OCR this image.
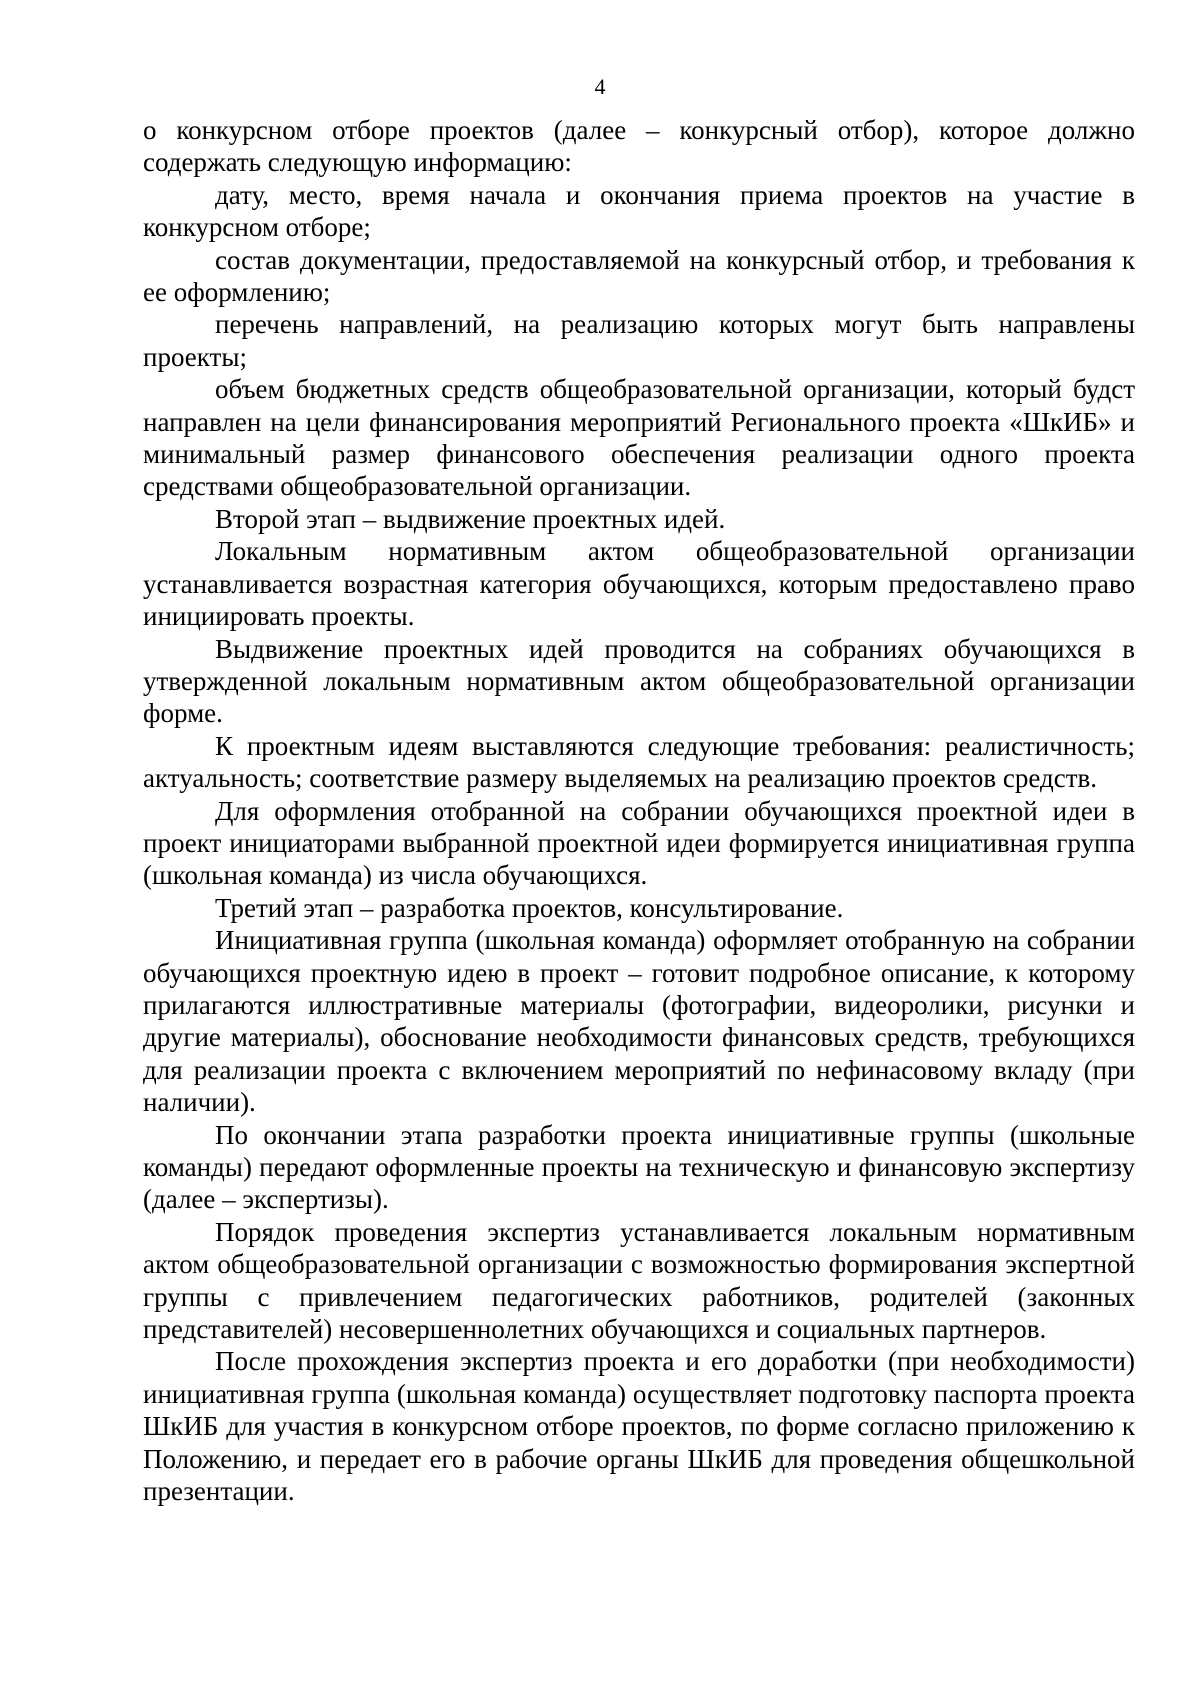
4

о конкурсном отборе проектов (далее – конкурсный отбор), которое должно содержать следующую информацию:

дату, место, время начала и окончания приема проектов на участие в конкурсном отборе;

состав документации, предоставляемой на конкурсный отбор, и требования к ее оформлению;

перечень направлений, на реализацию которых могут быть направлены проекты;

объем бюджетных средств общеобразовательной организации, который будст направлен на цели финансирования мероприятий Регионального проекта «ШкИБ» и минимальный размер финансового обеспечения реализации одного проекта средствами общеобразовательной организации.

Второй этап – выдвижение проектных идей.

Локальным нормативным актом общеобразовательной организации устанавливается возрастная категория обучающихся, которым предоставлено право инициировать проекты.

Выдвижение проектных идей проводится на собраниях обучающихся в утвержденной локальным нормативным актом общеобразовательной организации форме.

К проектным идеям выставляются следующие требования: реалистичность; актуальность; соответствие размеру выделяемых на реализацию проектов средств.

Для оформления отобранной на собрании обучающихся проектной идеи в проект инициаторами выбранной проектной идеи формируется инициативная группа (школьная команда) из числа обучающихся.

Третий этап – разработка проектов, консультирование.

Инициативная группа (школьная команда) оформляет отобранную на собрании обучающихся проектную идею в проект – готовит подробное описание, к которому прилагаются иллюстративные материалы (фотографии, видеоролики, рисунки и другие материалы), обоснование необходимости финансовых средств, требующихся для реализации проекта с включением мероприятий по нефинасовому вкладу (при наличии).

По окончании этапа разработки проекта инициативные группы (школьные команды) передают оформленные проекты на техническую и финансовую экспертизу (далее – экспертизы).

Порядок проведения экспертиз устанавливается локальным нормативным актом общеобразовательной организации с возможностью формирования экспертной группы с привлечением педагогических работников, родителей (законных представителей) несовершеннолетних обучающихся и социальных партнеров.

После прохождения экспертиз проекта и его доработки (при необходимости) инициативная группа (школьная команда) осуществляет подготовку паспорта проекта ШкИБ для участия в конкурсном отборе проектов, по форме согласно приложению к Положению, и передает его в рабочие органы ШкИБ для проведения общешкольной презентации.
